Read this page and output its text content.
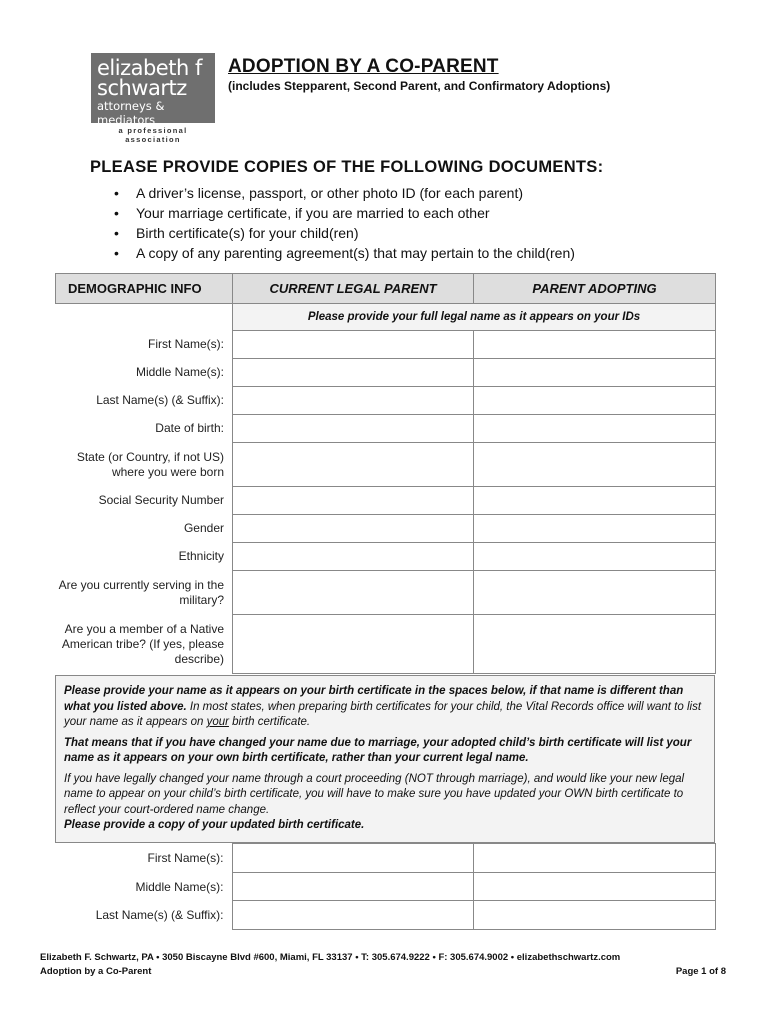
elizabeth f
schwartz
attorneys & mediators
a professional association
ADOPTION BY A CO-PARENT
(includes Stepparent, Second Parent, and Confirmatory Adoptions)
PLEASE PROVIDE COPIES OF THE FOLLOWING DOCUMENTS:
• A driver’s license, passport, or other photo ID (for each parent)
• Your marriage certificate, if you are married to each other
• Birth certificate(s) for your child(ren)
• A copy of any parenting agreement(s) that may pertain to the child(ren)
DEMOGRAPHIC INFO	CURRENT LEGAL PARENT	PARENT ADOPTING
	Please provide your full legal name as it appears on your IDs	
First Name(s):		
Middle Name(s):		
Last Name(s) (& Suffix):		
Date of birth:		
State (or Country, if not US) where you were born		
Social Security Number		
Gender		
Ethnicity		
Are you currently serving in the military?		
Are you a member of a Native American tribe? (If yes, please describe)		

Please provide your name as it appears on your birth certificate in the spaces below, if that name is different than what you listed above. In most states, when preparing birth certificates for your child, the Vital Records office will want to list your name as it appears on your birth certificate.

That means that if you have changed your name due to marriage, your adopted child’s birth certificate will list your name as it appears on your own birth certificate, rather than your current legal name.

If you have legally changed your name through a court proceeding (NOT through marriage), and would like your new legal name to appear on your child’s birth certificate, you will have to make sure you have updated your OWN birth certificate to reflect your court-ordered name change.
Please provide a copy of your updated birth certificate.

First Name(s):		
Middle Name(s):		
Last Name(s) (& Suffix):		
Elizabeth F. Schwartz, PA • 3050 Biscayne Blvd #600, Miami, FL 33137 • T: 305.674.9222 • F: 305.674.9002 • elizabethschwartz.com
Adoption by a Co-Parent	Page 1 of 8
